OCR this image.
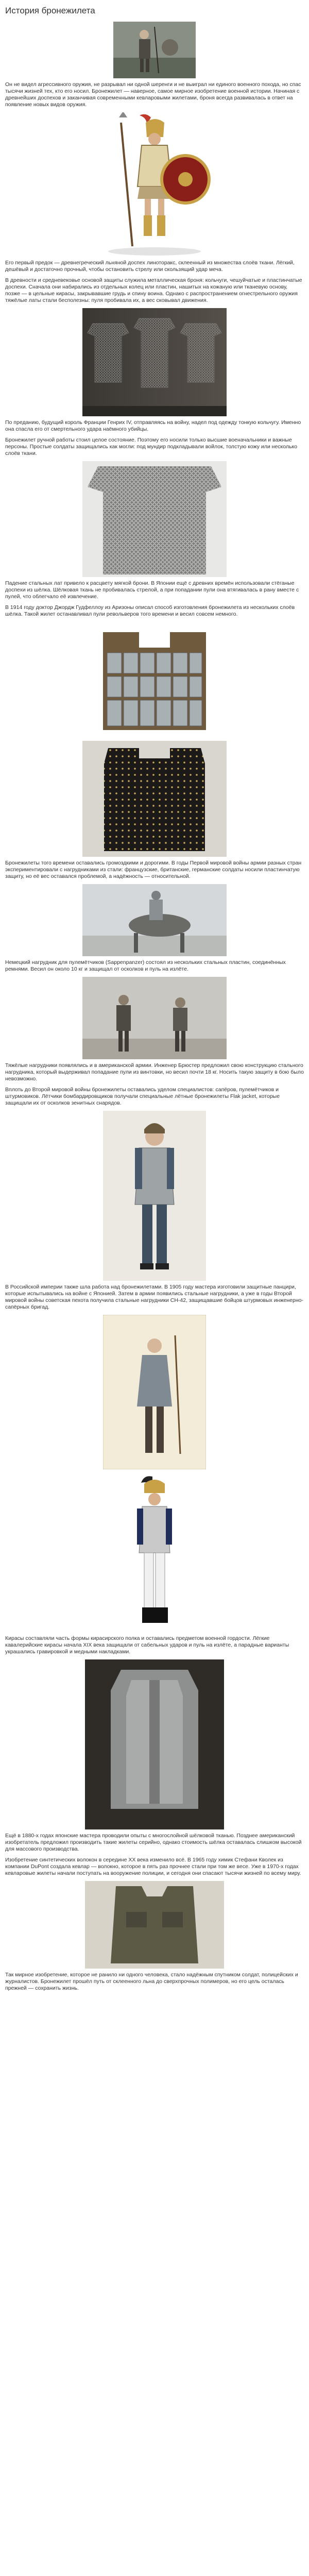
История бронежилета

Он не видел агрессивного оружия, не разрывал ни одной шеренги и не выиграл ни единого военного похода, но спас тысячи жизней тех, кто его носил. Бронежилет — наверное, самое мирное изобретение военной истории. Начиная с древнейших доспехов и заканчивая современными кевларовыми жилетами, броня всегда развивалась в ответ на появление новых видов оружия.

Его первый предок — древнегреческий льняной доспех линоторакс, склеенный из множества слоёв ткани. Лёгкий, дешёвый и достаточно прочный, чтобы остановить стрелу или скользящий удар меча.

В древности и средневековье основой защиты служила металлическая броня: кольчуги, чешуйчатые и пластинчатые доспехи. Сначала они набирались из отдельных колец или пластин, нашитых на кожаную или тканевую основу, позже — в цельные кирасы, закрывавшие грудь и спину воина. Однако с распространением огнестрельного оружия тяжёлые латы стали бесполезны: пуля пробивала их, а вес сковывал движения.

По преданию, будущий король Франции Генрих IV, отправляясь на войну, надел под одежду тонкую кольчугу. Именно она спасла его от смертельного удара наёмного убийцы.

Бронежилет ручной работы стоил целое состояние. Поэтому его носили только высшие военачальники и важные персоны. Простые солдаты защищались как могли: под мундир подкладывали войлок, толстую кожу или несколько слоёв ткани.

Падение стальных лат привело к расцвету мягкой брони. В Японии ещё с древних времён использовали стёганые доспехи из шёлка. Шёлковая ткань не пробивалась стрелой, а при попадании пули она втягивалась в рану вместе с пулей, что облегчало её извлечение.

В 1914 году доктор Джордж Гудфеллоу из Аризоны описал способ изготовления бронежилета из нескольких слоёв шёлка. Такой жилет останавливал пули револьверов того времени и весил совсем немного.

Бронежилеты того времени оставались громоздкими и дорогими. В годы Первой мировой войны армии разных стран экспериментировали с нагрудниками из стали: французские, британские, германские солдаты носили пластинчатую защиту, но её вес оставался проблемой, а надёжность — относительной.

Немецкий нагрудник для пулемётчиков (Sappenpanzer) состоял из нескольких стальных пластин, соединённых ремнями. Весил он около 10 кг и защищал от осколков и пуль на излёте.

Тяжёлые нагрудники появлялись и в американской армии. Инженер Брюстер предложил свою конструкцию стального нагрудника, который выдерживал попадание пули из винтовки, но весил почти 18 кг. Носить такую защиту в бою было невозможно.

Вплоть до Второй мировой войны бронежилеты оставались уделом специалистов: сапёров, пулемётчиков и штурмовиков. Лётчики бомбардировщиков получали специальные лётные бронежилеты Flak jacket, которые защищали их от осколков зенитных снарядов.

В Российской империи также шла работа над бронежилетами. В 1905 году мастера изготовили защитные панцири, которые испытывались на войне с Японией. Затем в армии появились стальные нагрудники, а уже в годы Второй мировой войны советская пехота получила стальные нагрудники СН-42, защищавшие бойцов штурмовых инженерно-сапёрных бригад.

Кирасы составляли часть формы кирасирского полка и оставались предметом военной гордости. Лёгкие кавалерийские кирасы начала XIX века защищали от сабельных ударов и пуль на излёте, а парадные варианты украшались гравировкой и медными накладками.

Ещё в 1880-х годах японские мастера проводили опыты с многослойной шёлковой тканью. Позднее американский изобретатель предложил производить такие жилеты серийно, однако стоимость шёлка оставалась слишком высокой для массового производства.

Изобретение синтетических волокон в середине XX века изменило всё. В 1965 году химик Стефани Кволек из компании DuPont создала кевлар — волокно, которое в пять раз прочнее стали при том же весе. Уже в 1970-х годах кевларовые жилеты начали поступать на вооружение полиции, и сегодня они спасают тысячи жизней по всему миру.

Так мирное изобретение, которое не ранило ни одного человека, стало надёжным спутником солдат, полицейских и журналистов. Бронежилет прошёл путь от склеенного льна до сверхпрочных полимеров, но его цель осталась прежней — сохранить жизнь.
